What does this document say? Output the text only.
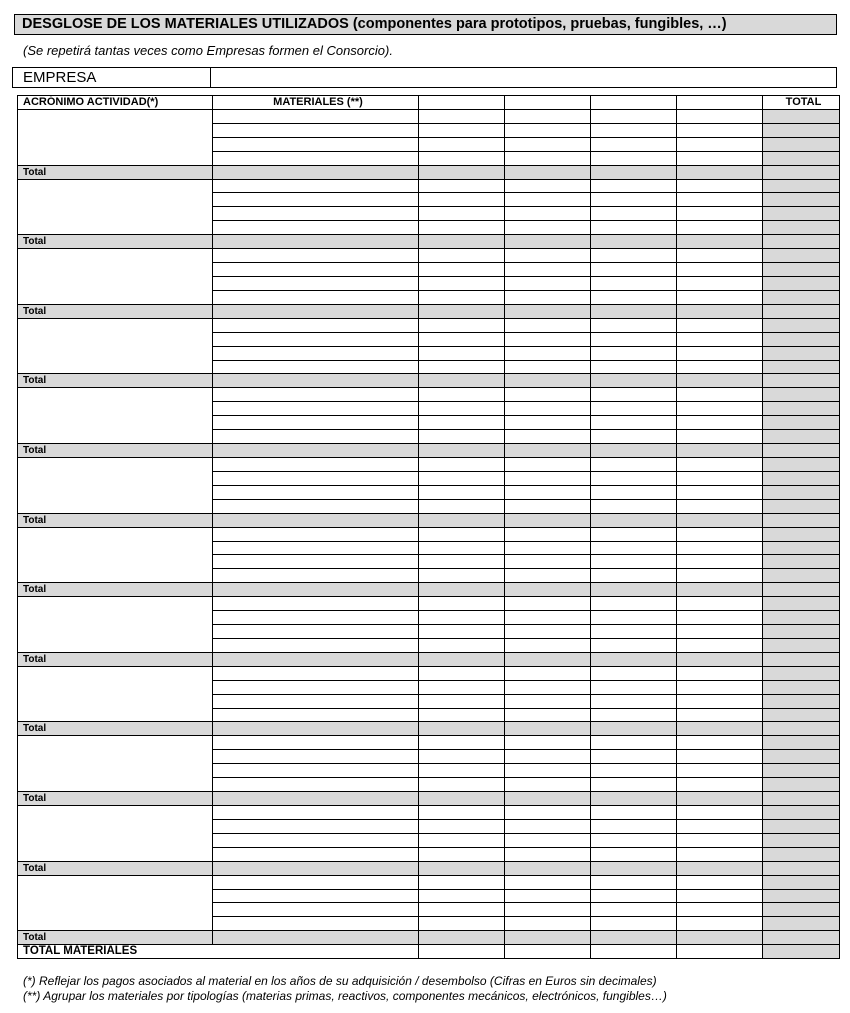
DESGLOSE DE LOS MATERIALES UTILIZADOS (componentes para prototipos, pruebas, fungibles, …)
(Se repetirá tantas veces como Empresas formen el Consorcio).
EMPRESA
ACRÓNIMO ACTIVIDAD(*)	MATERIALES (**)					TOTAL

Total						

Total						

Total						

Total						

Total						

Total						

Total						

Total						

Total						

Total						

Total						

Total						
TOTAL MATERIALES						
(*) Reflejar los pagos asociados al material en los años de su adquisición / desembolso (Cifras en Euros sin decimales)
(**) Agrupar los materiales por tipologías (materias primas, reactivos, componentes mecánicos, electrónicos, fungibles…)
